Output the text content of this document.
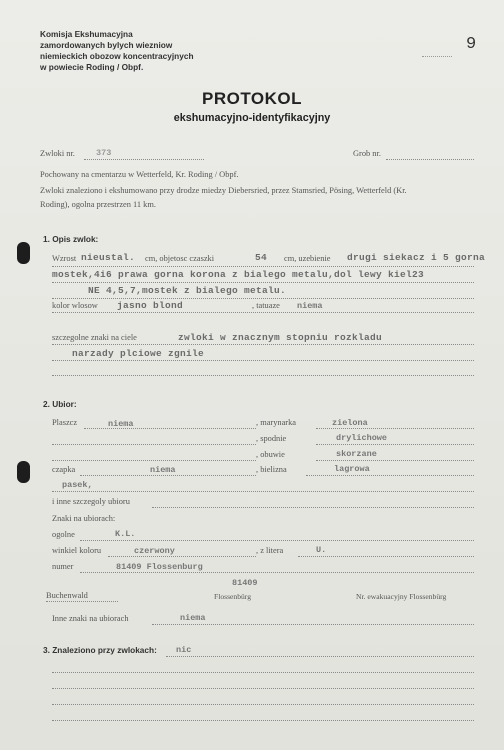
Komisja Ekshumacyjna
zamordowanych bylych wiezniow
niemieckich obozow koncentracyjnych
w powiecie Roding / Obpf.
9
PROTOKOL
ekshumacyjno-identyfikacyjny
Zwloki nr. 373	Grob nr.
Pochowany na cmentarzu w Wetterfeld, Kr. Roding / Obpf.
Zwloki znaleziono i ekshumowano przy drodze miedzy Diebersried, przez Stamsried, Pösing, Wetterfeld (Kr.
Roding), ogolna przestrzen 11 km.
1. Opis zwlok:
Wzrost nieustal. cm, objetosc czaszki	54 cm, uzebienie drugi siekacz i 5 gorna
mostek,4i6 prawa gorna korona z bialego metalu,dol lewy kiel23
NE 4,5,7,mostek z bialego metalu.
kolor wlosow jasno blond	, tatuaze niema
szczegolne znaki na ciele	zwloki w znacznym stopniu rozkladu
narzady plciowe zgnile
2. Ubior:
Plaszcz	niema	, marynarka	zielona
, spodnie	drylichowe
, obuwie	skorzane
czapka	niema	, bielizna	lagrowa
pasek,
i inne szczegoly ubioru
Znaki na ubiorach:
ogolne	K.L.
winkiel koloru	czerwony	, z litera	U.
numer	81409 Flossenburg
81409
Buchenwald	Flossenbürg	Nr. ewakuacyjny Flossenbürg
Inne znaki na ubiorach	niema
3. Znaleziono przy zwlokach: nic
